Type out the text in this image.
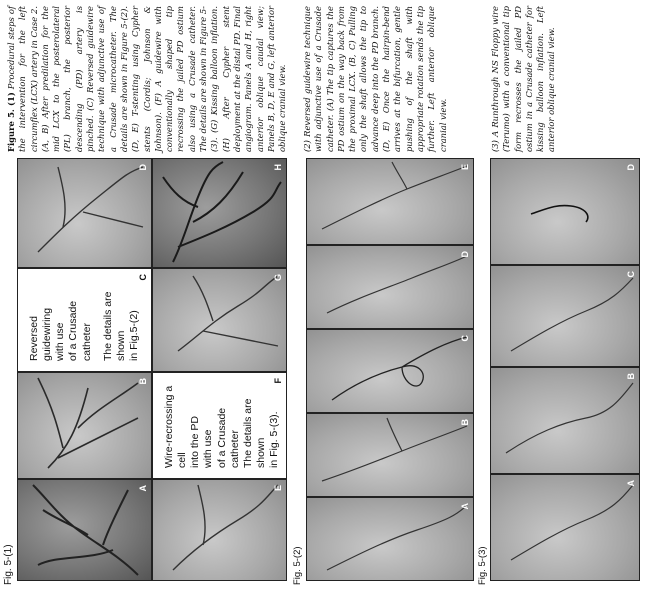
Fig. 5-(1)
A
B
Reversed guidewiring
with use
of a Crusade catheter The details are shown
in Fig.5-(2)
C
D
E
Wire-recrossing a cell
into the PD
with use
of a Crusade catheter
The details are shown
in Fig. 5-(3).
F
G
H
Figure 5. (1) Procedural steps of the intervention for the left circumflex (LCX) artery in Case 2. (A, B) After predilation for the mid LCX to the posterolateral (PL) branch, the posterior descending (PD) artery is pinched. (C) Reversed guidewire technique with adjunctive use of a Crusade microcatheter. The details are shown in Figure 5-(2). (D, E) T-stenting using Cypher stents (Cordis; Johnson & Johnson). (F) A guidewire with conventionally shaped tip recrossing the jailed PD ostium also using a Crusade catheter. The details are shown in Figure 5-(3). (G) Kissing balloon inflation. (H) After Cypher stent deployment at the distal PD. Final angiogram. Panels A and H, right anterior oblique caudal view; Panels B, D, E and G, left anterior oblique cranial view.
Fig. 5-(2)
A
B
C
D
E
(2) Reversed guidewire technique with adjunctive use of a Crusade catheter. (A) The tip captures the PD ostium on the way back from the proximal LCX. (B, C) Pulling only the shaft allows the tip to advance deep into the PD branch. (D, E) Once the hairpin-bend arrives at the bifurcation, gentle pushing of the shaft with appropriate rotation sends the tip further. Left anterior oblique cranial view.
Fig. 5-(3)
A
B
C
D
(3) A Runthrough NS Floppy wire (Terumo) with a conventional tip form recrosses the jailed PD ostium in a Crusade catheter for kissing balloon inflation. Left anterior oblique cranial view.
